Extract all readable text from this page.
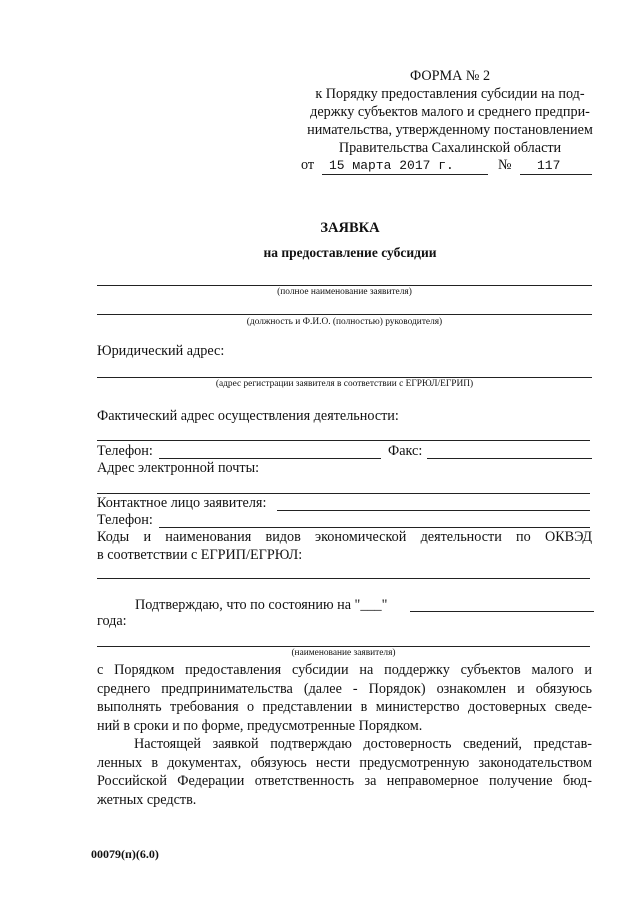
ФОРМА № 2
к Порядку предоставления субсидии на под-
держку субъектов малого и среднего предпри-
нимательства, утвержденному постановлением
Правительства Сахалинской области
от 15 марта 2017 г.	№ 117
ЗАЯВКА
на предоставление субсидии
(полное наименование заявителя)
(должность и Ф.И.О. (полностью) руководителя)
Юридический адрес:
(адрес регистрации заявителя в соответствии с ЕГРЮЛ/ЕГРИП)
Фактический адрес осуществления деятельности:
Телефон:	Факс:
Адрес электронной почты:
Контактное лицо заявителя:
Телефон:
Коды и наименования видов экономической деятельности по ОКВЭД
в соответствии с ЕГРИП/ЕГРЮЛ:
Подтверждаю, что по состоянию на "___"
года:
(наименование заявителя)
с Порядком предоставления субсидии на поддержку субъектов малого и
среднего предпринимательства (далее - Порядок) ознакомлен и обязуюсь
выполнять требования о представлении в министерство достоверных сведе-
ний в сроки и по форме, предусмотренные Порядком.
Настоящей заявкой подтверждаю достоверность сведений, представ-
ленных в документах, обязуюсь нести предусмотренную законодательством
Российской Федерации ответственность за неправомерное получение бюд-
жетных средств.
00079(п)(6.0)
